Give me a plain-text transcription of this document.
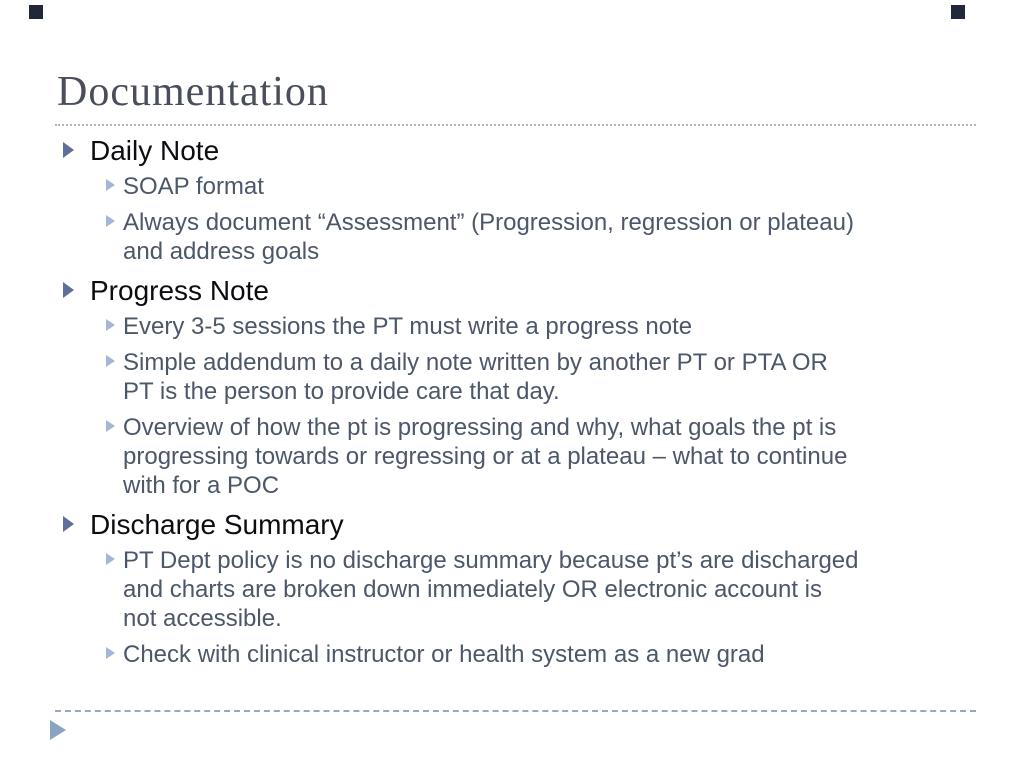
Documentation
Daily Note
SOAP format
Always document “Assessment” (Progression, regression or plateau)
and address goals
Progress Note
Every 3-5 sessions the PT must write a progress note
Simple addendum to a daily note written by another PT or PTA OR
PT is the person to provide care that day.
Overview of how the pt is progressing and why, what goals the pt is
progressing towards or regressing or at a plateau – what to continue
with for a POC
Discharge Summary
PT Dept policy is no discharge summary because pt’s are discharged
and charts are broken down immediately OR electronic account is
not accessible.
Check with clinical instructor or health system as a new grad
